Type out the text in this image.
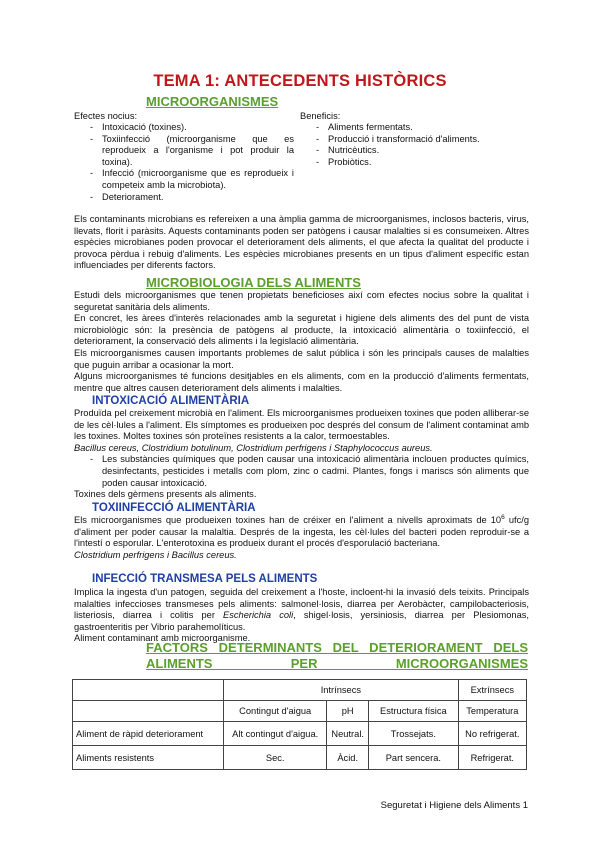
TEMA 1: ANTECEDENTS HISTÒRICS
MICROORGANISMES

Efectes nocius:

- Intoxicació (toxines).
- Toxiinfecció (microorganisme que es reprodueix a l'organisme i pot produir la toxina).
- Infecció (microorganisme que es reprodueix i competeix amb la microbiota).
- Deteriorament.

Beneficis:

- Aliments fermentats.
- Producció i transformació d'aliments.
- Nutricèutics.
- Probiòtics.

Els contaminants microbians es refereixen a una àmplia gamma de microorganismes, inclosos bacteris, virus, llevats, florit i paràsits. Aquests contaminants poden ser patògens i causar malalties si es consumeixen. Altres espècies microbianes poden provocar el deteriorament dels aliments, el que afecta la qualitat del producte i provoca pèrdua i rebuig d'aliments. Les espècies microbianes presents en un tipus d'aliment específic estan influenciades per diferents factors.

MICROBIOLOGIA DELS ALIMENTS

Estudi dels microorganismes que tenen propietats beneficioses així com efectes nocius sobre la qualitat i seguretat sanitària dels aliments.

En concret, les àrees d'interès relacionades amb la seguretat i higiene dels aliments des del punt de vista microbiològic són: la presència de patògens al producte, la intoxicació alimentària o toxiinfecció, el deteriorament, la conservació dels aliments i la legislació alimentària.

Els microorganismes causen importants problemes de salut pública i són les principals causes de malalties que puguin arribar a ocasionar la mort.

Alguns microorganismes té funcions desitjables en els aliments, com en la producció d'aliments fermentats, mentre que altres causen deteriorament dels aliments i malalties.

INTOXICACIÓ ALIMENTÀRIA

Produïda pel creixement microbià en l'aliment. Els microorganismes produeixen toxines que poden alliberar-se de les cèl·lules a l'aliment. Els símptomes es produeixen poc després del consum de l'aliment contaminat amb les toxines. Moltes toxines són proteïnes resistents a la calor, termoestables.

Bacillus cereus, Clostridium botulinum, Clostridium perfrigens i Staphylococcus aureus.

- Les substàncies químiques que poden causar una intoxicació alimentària inclouen productes químics, desinfectants, pesticides i metalls com plom, zinc o cadmi. Plantes, fongs i mariscs són aliments que poden causar intoxicació.

Toxines dels gèrmens presents als aliments.

TOXIINFECCIÓ ALIMENTÀRIA

Els microorganismes que produeixen toxines han de créixer en l'aliment a nivells aproximats de $10^6$ ufc/g d'aliment per poder causar la malaltia. Després de la ingesta, les cèl·lules del bacteri poden reproduir-se a l'intestí o esporular. L'enterotoxina es produeix durant el procés d'esporulació bacteriana.

Clostridium perfrigens i Bacillus cereus.

INFECCIÓ TRANSMESA PELS ALIMENTS

Implica la ingesta d'un patogen, seguida del creixement a l'hoste, incloent-hi la invasió dels teixits. Principals malalties infeccioses transmeses pels aliments: salmonel·losis, diarrea per Aerobàcter, campilobacteriosis, listeriosis, diarrea i colitis per Escherichia coli, shigel·losis, yersiniosis, diarrea per Plesiomonas, gastroenteritis per Vibrio parahemolíticus.

Aliment contaminant amb microorganisme.

FACTORS DETERMINANTS DEL DETERIORAMENT DELS ALIMENTS PER MICROORGANISMES
	Intrínsecs			Extrínsecs
	Contingut d'aigua	pH	Estructura física	Temperatura
Aliment de ràpid deteriorament	Alt contingut d'aigua.	Neutral.	Trossejats.	No refrigerat.
Aliments resistents	Sec.	Àcid.	Part sencera.	Refrigerat.

Seguretat i Higiene dels Aliments 1
